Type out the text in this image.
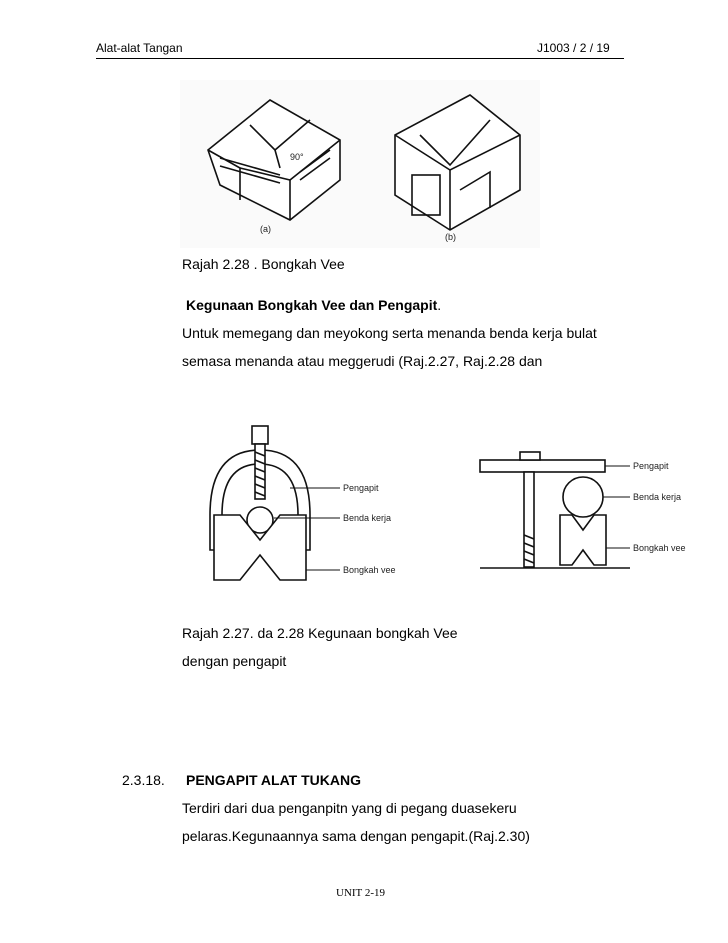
Alat-alat Tangan	J1003 / 2 / 19
90°
(a)
(b)
Rajah 2.28 . Bongkah Vee
Kegunaan Bongkah Vee dan Pengapit.
Untuk memegang dan meyokong serta menanda benda kerja bulat
semasa menanda atau meggerudi (Raj.2.27, Raj.2.28 dan
Pengapit
Benda kerja
Bongkah vee
Pengapit
Benda kerja
Bongkah vee
Rajah 2.27. da 2.28 Kegunaan bongkah Vee
dengan pengapit
2.3.18. PENGAPIT ALAT TUKANG
Terdiri dari dua penganpitn yang di pegang duasekeru
pelaras.Kegunaannya sama dengan pengapit.(Raj.2.30)
UNIT 2-19
